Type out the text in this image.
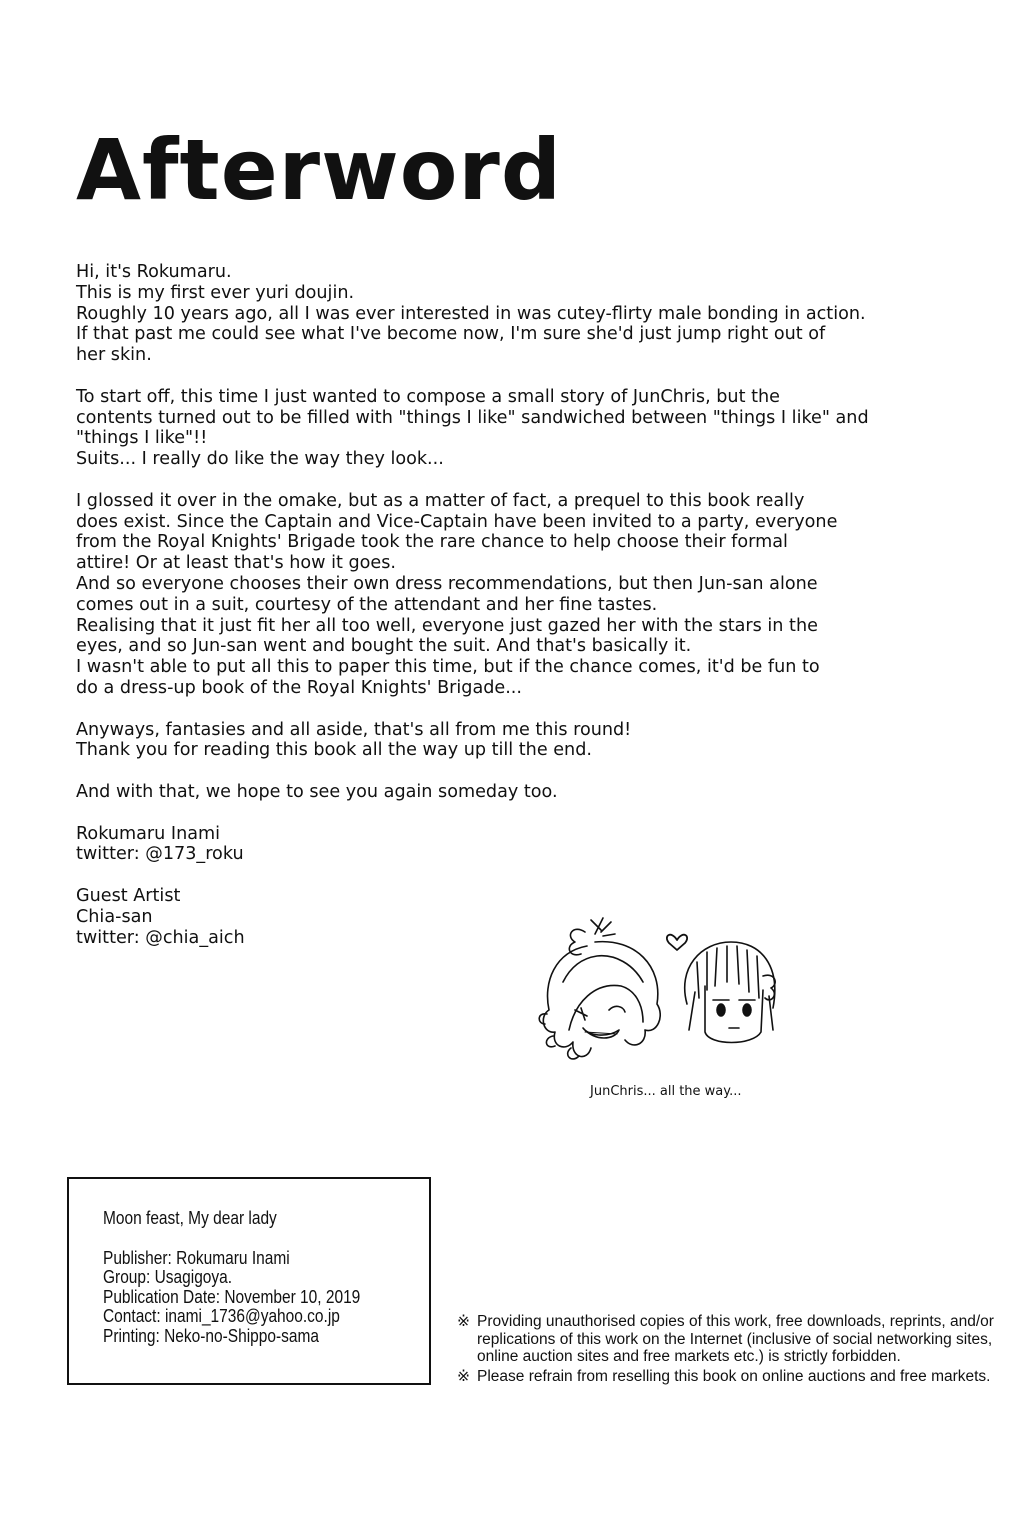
Afterword

Hi, it's Rokumaru.
This is my first ever yuri doujin.
Roughly 10 years ago, all I was ever interested in was cutey-flirty male bonding in action.
If that past me could see what I've become now, I'm sure she'd just jump right out of
her skin.

To start off, this time I just wanted to compose a small story of JunChris, but the
contents turned out to be filled with "things I like" sandwiched between "things I like" and
"things I like"!!
Suits... I really do like the way they look...

I glossed it over in the omake, but as a matter of fact, a prequel to this book really
does exist. Since the Captain and Vice-Captain have been invited to a party, everyone
from the Royal Knights' Brigade took the rare chance to help choose their formal
attire! Or at least that's how it goes.
And so everyone chooses their own dress recommendations, but then Jun-san alone
comes out in a suit, courtesy of the attendant and her fine tastes.
Realising that it just fit her all too well, everyone just gazed her with the stars in the
eyes, and so Jun-san went and bought the suit. And that's basically it.
I wasn't able to put all this to paper this time, but if the chance comes, it'd be fun to
do a dress-up book of the Royal Knights' Brigade...

Anyways, fantasies and all aside, that's all from me this round!
Thank you for reading this book all the way up till the end.

And with that, we hope to see you again someday too.

Rokumaru Inami
twitter: @173_roku

Guest Artist
Chia-san
twitter: @chia_aich

JunChris... all the way...
Moon feast, My dear lady
Publisher: Rokumaru Inami
Group: Usagigoya.
Publication Date: November 10, 2019
Contact: inami_1736@yahoo.co.jp
Printing: Neko-no-Shippo-sama
※ Providing unauthorised copies of this work, free downloads, reprints, and/or
replications of this work on the Internet (inclusive of social networking sites,
online auction sites and free markets etc.) is strictly forbidden.
※ Please refrain from reselling this book on online auctions and free markets.
